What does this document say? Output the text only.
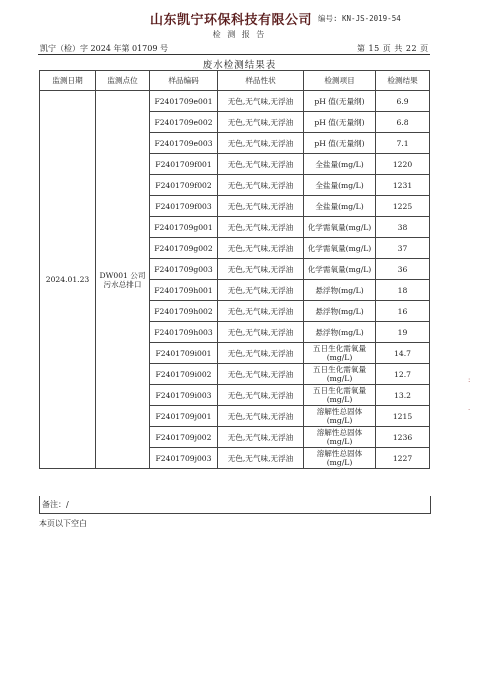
山东凯宁环保科技有限公司 编号: KN-JS-2019-54
检 测 报 告
凯宁（检）字 2024 年第 01709 号	第 15 页 共 22 页
废水检测结果表
监测日期	监测点位	样品编码	样品性状	检测项目	检测结果
2024.01.23	DW001 公司污水总排口	F2401709e001	无色,无气味,无浮油	pH 值(无量纲)	6.9
		F2401709e002	无色,无气味,无浮油	pH 值(无量纲)	6.8
		F2401709e003	无色,无气味,无浮油	pH 值(无量纲)	7.1
		F2401709f001	无色,无气味,无浮油	全盐量(mg/L)	1220
		F2401709f002	无色,无气味,无浮油	全盐量(mg/L)	1231
		F2401709f003	无色,无气味,无浮油	全盐量(mg/L)	1225
		F2401709g001	无色,无气味,无浮油	化学需氧量(mg/L)	38
		F2401709g002	无色,无气味,无浮油	化学需氧量(mg/L)	37
		F2401709g003	无色,无气味,无浮油	化学需氧量(mg/L)	36
		F2401709h001	无色,无气味,无浮油	悬浮物(mg/L)	18
		F2401709h002	无色,无气味,无浮油	悬浮物(mg/L)	16
		F2401709h003	无色,无气味,无浮油	悬浮物(mg/L)	19
		F2401709i001	无色,无气味,无浮油	五日生化需氧量(mg/L)	14.7
		F2401709i002	无色,无气味,无浮油	五日生化需氧量(mg/L)	12.7
		F2401709i003	无色,无气味,无浮油	五日生化需氧量(mg/L)	13.2
		F2401709j001	无色,无气味,无浮油	溶解性总固体(mg/L)	1215
		F2401709j002	无色,无气味,无浮油	溶解性总固体(mg/L)	1236
		F2401709j003	无色,无气味,无浮油	溶解性总固体(mg/L)	1227
备注：/
本页以下空白
:
.
